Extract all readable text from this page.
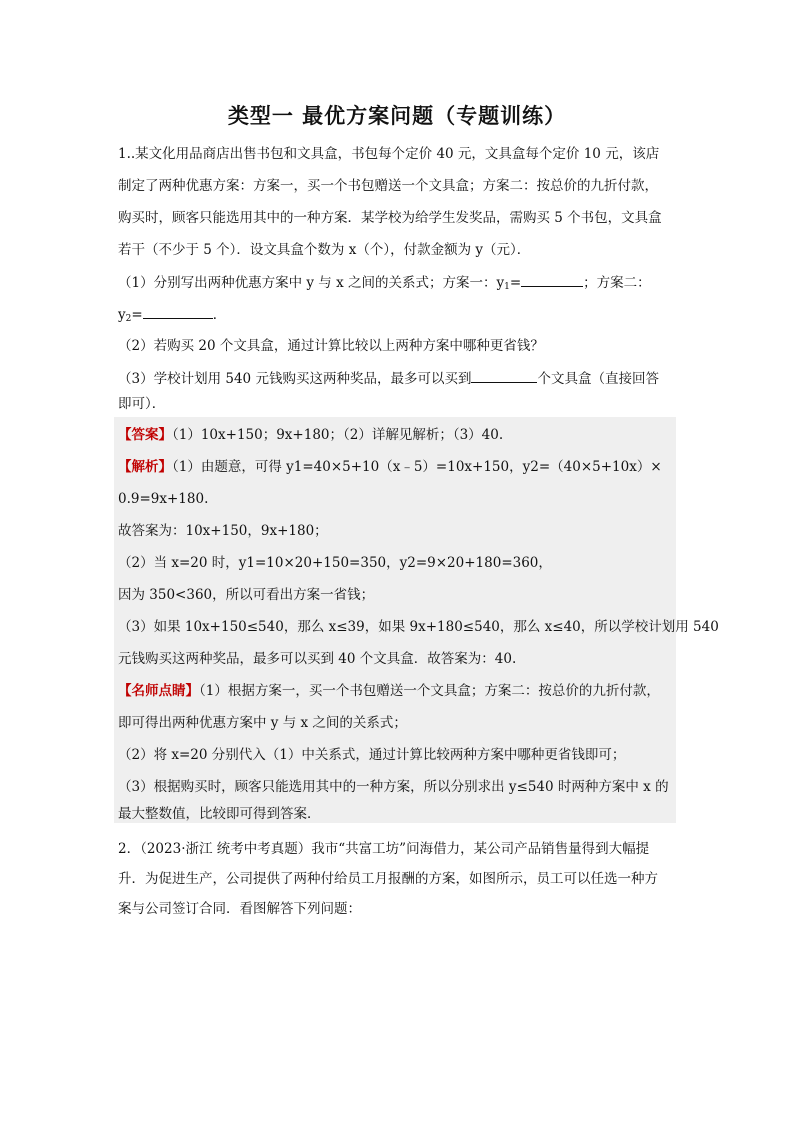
类型一 最优方案问题（专题训练）
1..某文化用品商店出售书包和文具盒，书包每个定价 40 元，文具盒每个定价 10 元，该店
制定了两种优惠方案：方案一，买一个书包赠送一个文具盒；方案二：按总价的九折付款，
购买时，顾客只能选用其中的一种方案．某学校为给学生发奖品，需购买 5 个书包，文具盒
若干（不少于 5 个）．设文具盒个数为 x（个），付款金额为 y（元）．
（1）分别写出两种优惠方案中 y 与 x 之间的关系式；方案一：$y_1=$	；方案二：
$y_2=$	．
（2）若购买 20 个文具盒，通过计算比较以上两种方案中哪种更省钱？
（3）学校计划用 540 元钱购买这两种奖品，最多可以买到	个文具盒（直接回答
即可）．
【答案】（1）10x+150；9x+180；（2）详解见解析；（3）40.
【解析】（1）由题意，可得 y1=40×5+10（x﹣5）=10x+150，y2=（40×5+10x）×
0.9=9x+180.
故答案为：10x+150，9x+180；
（2）当 x=20 时，y1=10×20+150=350，y2=9×20+180=360，
因为 350<360，所以可看出方案一省钱；
（3）如果 10x+150≤540，那么 x≤39，如果 9x+180≤540，那么 x≤40，所以学校计划用 540
元钱购买这两种奖品，最多可以买到 40 个文具盒．故答案为：40.
【名师点睛】（1）根据方案一，买一个书包赠送一个文具盒；方案二：按总价的九折付款，
即可得出两种优惠方案中 y 与 x 之间的关系式；
（2）将 x=20 分别代入（1）中关系式，通过计算比较两种方案中哪种更省钱即可；
（3）根据购买时，顾客只能选用其中的一种方案，所以分别求出 y≤540 时两种方案中 x 的
最大整数值，比较即可得到答案．
2．（2023·浙江 统考中考真题）我市“共富工坊”问海借力，某公司产品销售量得到大幅提
升．为促进生产，公司提供了两种付给员工月报酬的方案，如图所示，员工可以任选一种方
案与公司签订合同．看图解答下列问题：
